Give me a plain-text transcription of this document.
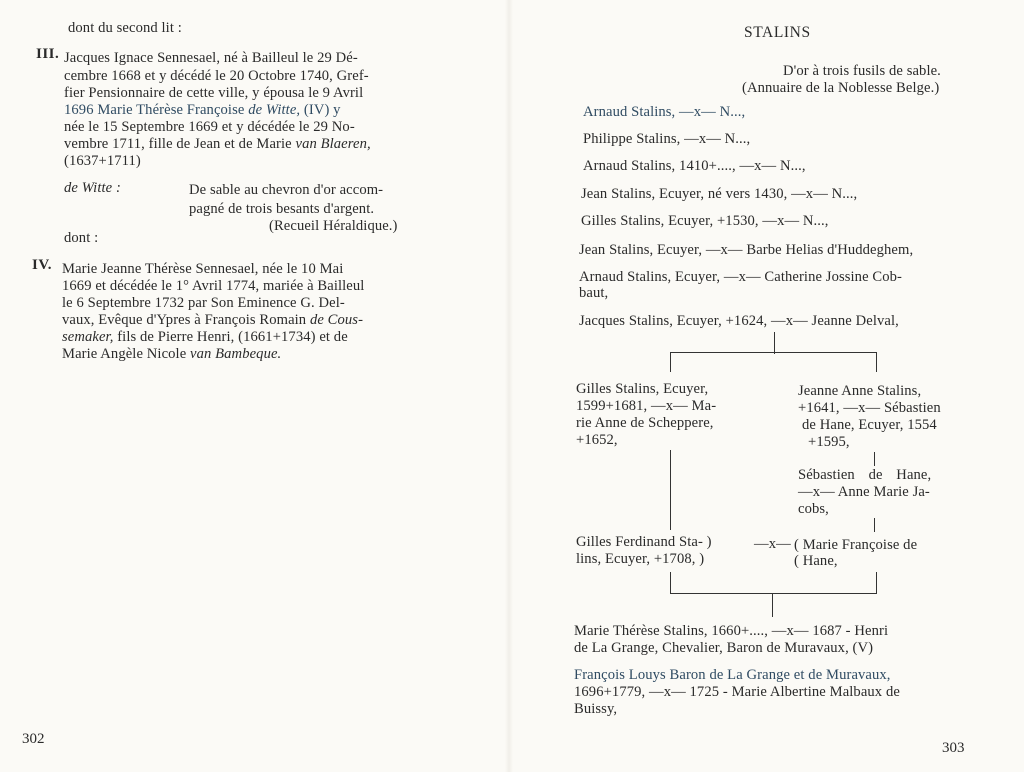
dont du second lit :
III. Jacques Ignace Sennesael, né à Bailleul le 29 Dé-
cembre 1668 et y décédé le 20 Octobre 1740, Gref-
fier Pensionnaire de cette ville, y épousa le 9 Avril
1696 Marie Thérèse Françoise de Witte, (IV) y
née le 15 Septembre 1669 et y décédée le 29 No-
vembre 1711, fille de Jean et de Marie van Blaeren,
(1637+1711)
de Witte :	De sable au chevron d'or accom-
pagné de trois besants d'argent.
(Recueil Héraldique.)
dont :
IV. Marie Jeanne Thérèse Sennesael, née le 10 Mai
1669 et décédée le 1° Avril 1774, mariée à Bailleul
le 6 Septembre 1732 par Son Eminence G. Del-
vaux, Evêque d'Ypres à François Romain de Cous-
semaker, fils de Pierre Henri, (1661+1734) et de
Marie Angèle Nicole van Bambeque.
302
STALINS
D'or à trois fusils de sable.
(Annuaire de la Noblesse Belge.)
Arnaud Stalins, —x— N...,
Philippe Stalins, —x— N...,
Arnaud Stalins, 1410+...., —x— N...,
Jean Stalins, Ecuyer, né vers 1430, —x— N...,
Gilles Stalins, Ecuyer, +1530, —x— N...,
Jean Stalins, Ecuyer, —x— Barbe Helias d'Huddeghem,
Arnaud Stalins, Ecuyer, —x— Catherine Jossine Cob-
baut,
Jacques Stalins, Ecuyer, +1624, —x— Jeanne Delval,
Gilles Stalins, Ecuyer,
1599+1681, —x— Ma-
rie Anne de Scheppere,
+1652,
Jeanne Anne Stalins,
+1641, —x— Sébastien
de Hane, Ecuyer, 1554
+1595,
Sébastien de Hane,
—x— Anne Marie Ja-
cobs,
Gilles Ferdinand Sta- )
lins, Ecuyer, +1708, )
—x— ( Marie Françoise de
( Hane,
Marie Thérèse Stalins, 1660+...., —x— 1687 - Henri
de La Grange, Chevalier, Baron de Muravaux, (V)
François Louys Baron de La Grange et de Muravaux,
1696+1779, —x— 1725 - Marie Albertine Malbaux de
Buissy,
303
